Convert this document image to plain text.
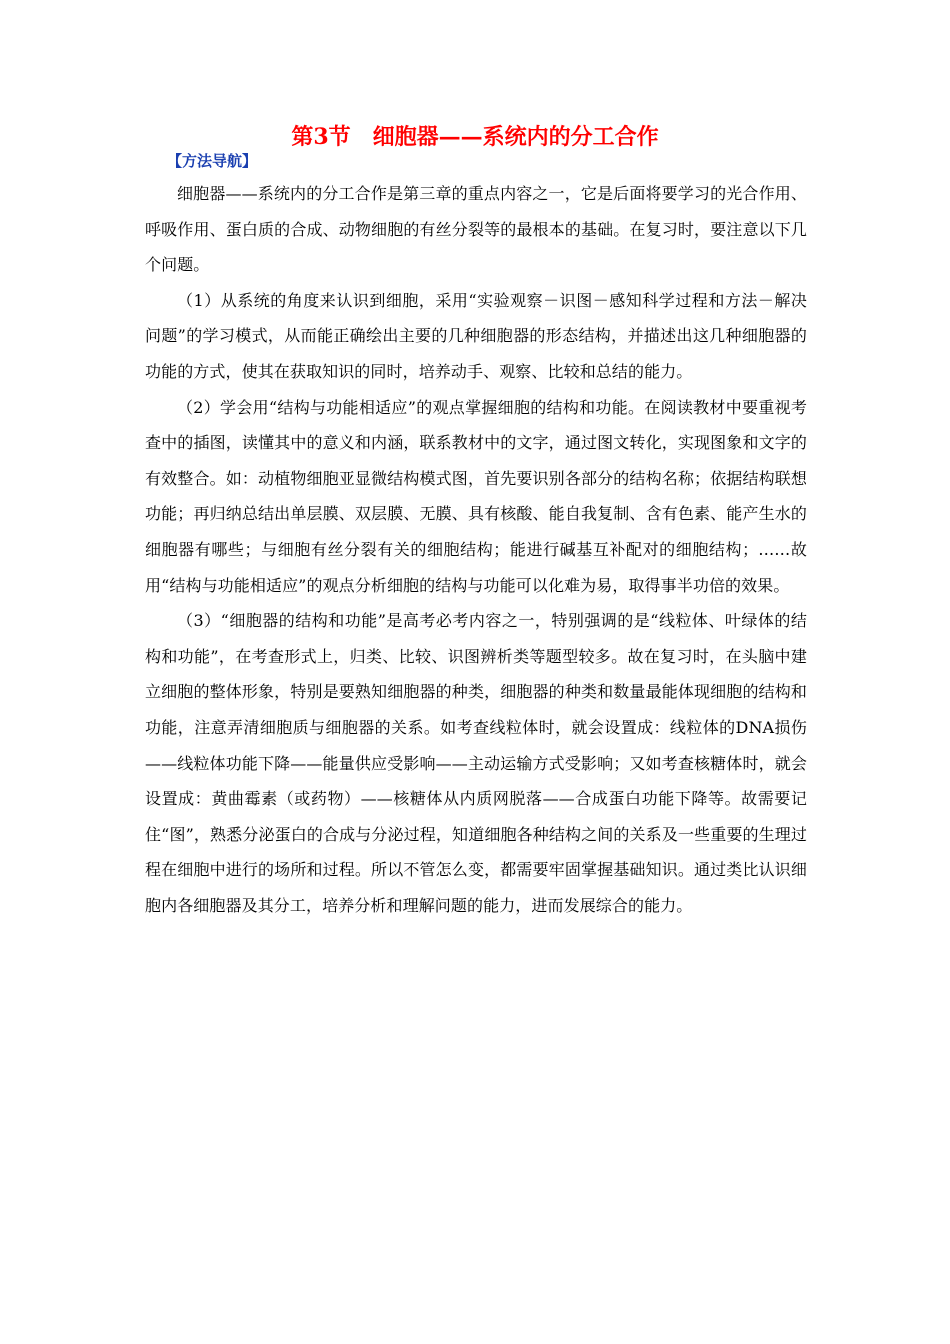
第3节　细胞器——系统内的分工合作
【方法导航】

细胞器——系统内的分工合作是第三章的重点内容之一，它是后面将要学习的光合作用、呼吸作用、蛋白质的合成、动物细胞的有丝分裂等的最根本的基础。在复习时，要注意以下几个问题。

（1）从系统的角度来认识到细胞，采用“实验观察－识图－感知科学过程和方法－解决问题”的学习模式，从而能正确绘出主要的几种细胞器的形态结构，并描述出这几种细胞器的功能的方式，使其在获取知识的同时，培养动手、观察、比较和总结的能力。

（2）学会用“结构与功能相适应”的观点掌握细胞的结构和功能。在阅读教材中要重视考查中的插图，读懂其中的意义和内涵，联系教材中的文字，通过图文转化，实现图象和文字的有效整合。如：动植物细胞亚显微结构模式图，首先要识别各部分的结构名称；依据结构联想功能；再归纳总结出单层膜、双层膜、无膜、具有核酸、能自我复制、含有色素、能产生水的细胞器有哪些；与细胞有丝分裂有关的细胞结构；能进行碱基互补配对的细胞结构；……故用“结构与功能相适应”的观点分析细胞的结构与功能可以化难为易，取得事半功倍的效果。

（3）“细胞器的结构和功能”是高考必考内容之一，特别强调的是“线粒体、叶绿体的结构和功能”，在考查形式上，归类、比较、识图辨析类等题型较多。故在复习时，在头脑中建立细胞的整体形象，特别是要熟知细胞器的种类，细胞器的种类和数量最能体现细胞的结构和功能，注意弄清细胞质与细胞器的关系。如考查线粒体时，就会设置成：线粒体的DNA损伤——线粒体功能下降——能量供应受影响——主动运输方式受影响；又如考查核糖体时，就会设置成：黄曲霉素（或药物）——核糖体从内质网脱落——合成蛋白功能下降等。故需要记住“图”，熟悉分泌蛋白的合成与分泌过程，知道细胞各种结构之间的关系及一些重要的生理过程在细胞中进行的场所和过程。所以不管怎么变，都需要牢固掌握基础知识。通过类比认识细胞内各细胞器及其分工，培养分析和理解问题的能力，进而发展综合的能力。
